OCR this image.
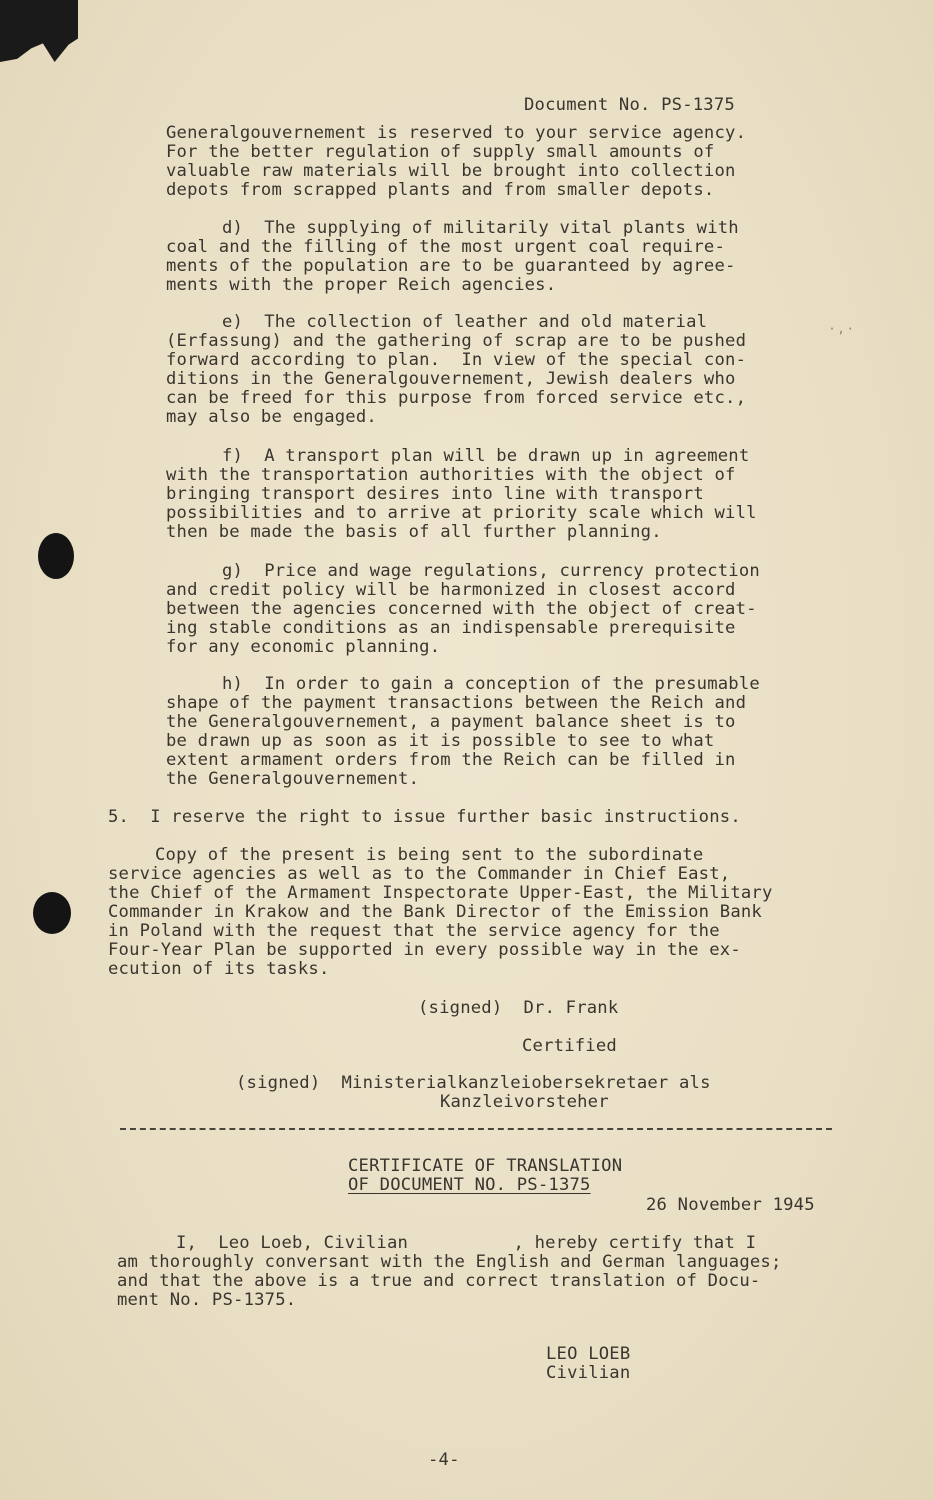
·,·
Document No. PS-1375
Generalgouvernement is reserved to your service agency.
For the better regulation of supply small amounts of
valuable raw materials will be brought into collection
depots from scrapped plants and from smaller depots.
d)  The supplying of militarily vital plants with
coal and the filling of the most urgent coal require-
ments of the population are to be guaranteed by agree-
ments with the proper Reich agencies.
e)  The collection of leather and old material
(Erfassung) and the gathering of scrap are to be pushed
forward according to plan.  In view of the special con-
ditions in the Generalgouvernement, Jewish dealers who
can be freed for this purpose from forced service etc.,
may also be engaged.
f)  A transport plan will be drawn up in agreement
with the transportation authorities with the object of
bringing transport desires into line with transport
possibilities and to arrive at priority scale which will
then be made the basis of all further planning.
g)  Price and wage regulations, currency protection
and credit policy will be harmonized in closest accord
between the agencies concerned with the object of creat-
ing stable conditions as an indispensable prerequisite
for any economic planning.
h)  In order to gain a conception of the presumable
shape of the payment transactions between the Reich and
the Generalgouvernement, a payment balance sheet is to
be drawn up as soon as it is possible to see to what
extent armament orders from the Reich can be filled in
the Generalgouvernement.
5.  I reserve the right to issue further basic instructions.
Copy of the present is being sent to the subordinate
service agencies as well as to the Commander in Chief East,
the Chief of the Armament Inspectorate Upper-East, the Military
Commander in Krakow and the Bank Director of the Emission Bank
in Poland with the request that the service agency for the
Four-Year Plan be supported in every possible way in the ex-
ecution of its tasks.
(signed)  Dr. Frank
Certified
(signed)  Ministerialkanzleiobersekretaer als
Kanzleivorsteher
CERTIFICATE OF TRANSLATION
OF DOCUMENT NO. PS-1375
26 November 1945
I,  Leo Loeb, Civilian          , hereby certify that I
am thoroughly conversant with the English and German languages;
and that the above is a true and correct translation of Docu-
ment No. PS-1375.
LEO LOEB
Civilian
-4-
